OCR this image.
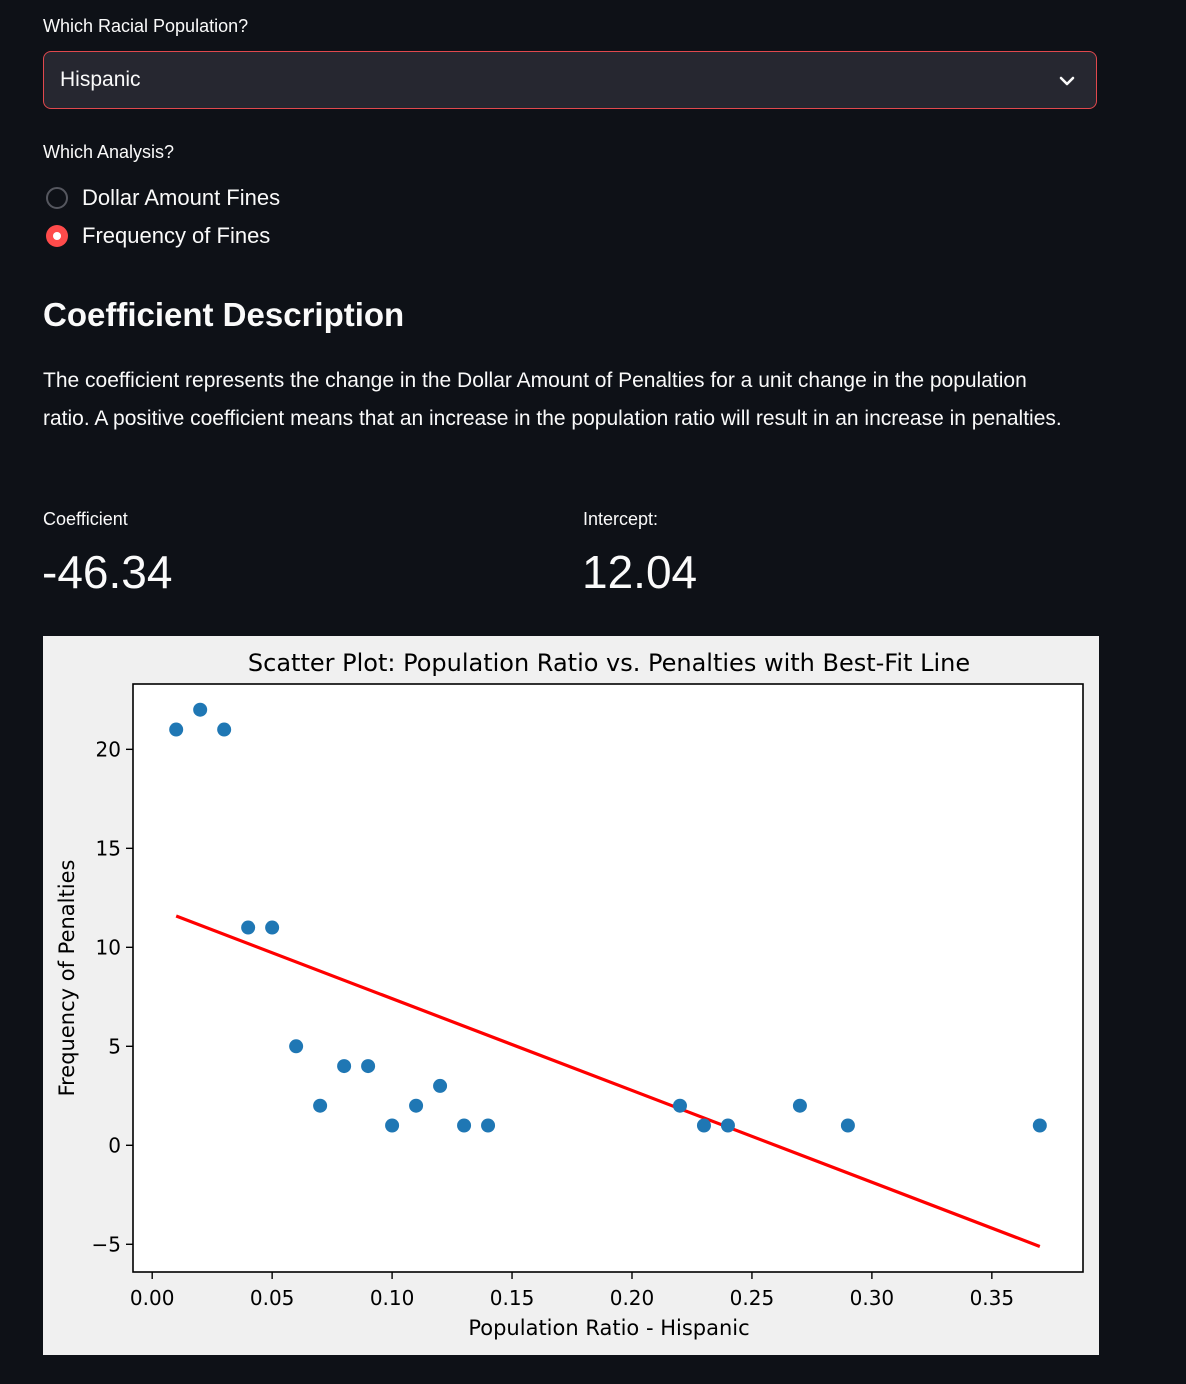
Which Racial Population?
Hispanic
Which Analysis?
Dollar Amount Fines
Frequency of Fines
Coefficient Description
The coefficient represents the change in the Dollar Amount of Penalties for a unit change in the population ratio. A positive coefficient means that an increase in the population ratio will result in an increase in penalties.
Coefficient
-46.34
Intercept:
12.04
Scatter Plot: Population Ratio vs. Penalties with Best-Fit Line
0.00	0.05	0.10	0.15	0.20	0.25	0.30	0.35
−5
0
5
10
15
20
Population Ratio - Hispanic
Frequency of Penalties
